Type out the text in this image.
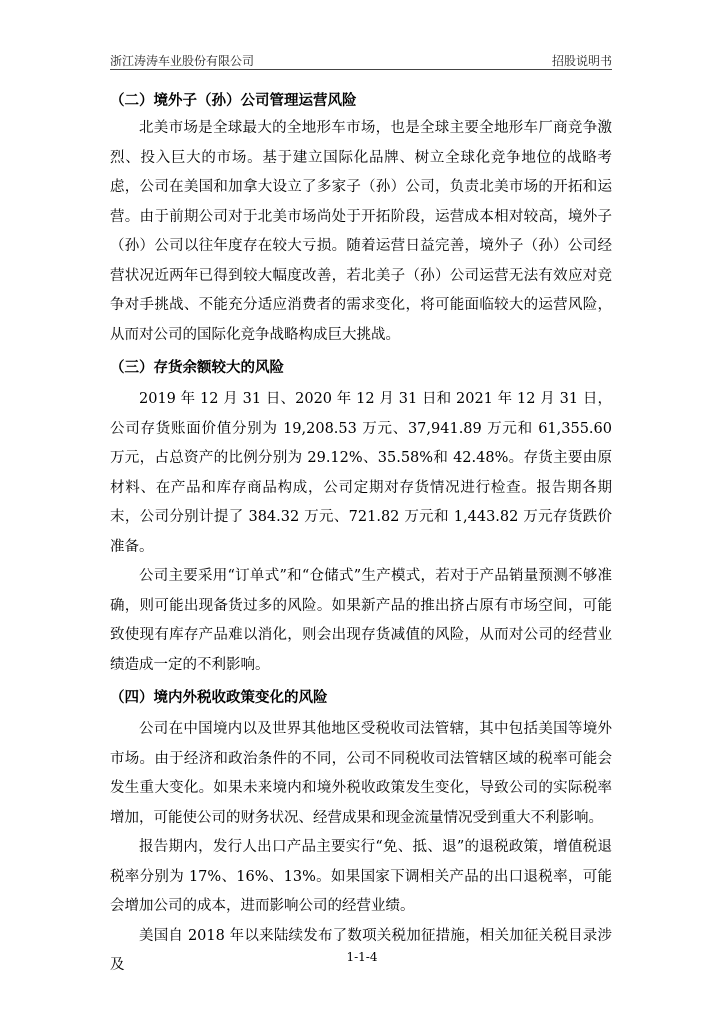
浙江涛涛车业股份有限公司	招股说明书
（二）境外子（孙）公司管理运营风险

北美市场是全球最大的全地形车市场，也是全球主要全地形车厂商竞争激烈、投入巨大的市场。基于建立国际化品牌、树立全球化竞争地位的战略考虑，公司在美国和加拿大设立了多家子（孙）公司，负责北美市场的开拓和运营。由于前期公司对于北美市场尚处于开拓阶段，运营成本相对较高，境外子（孙）公司以往年度存在较大亏损。随着运营日益完善，境外子（孙）公司经营状况近两年已得到较大幅度改善，若北美子（孙）公司运营无法有效应对竞争对手挑战、不能充分适应消费者的需求变化，将可能面临较大的运营风险，从而对公司的国际化竞争战略构成巨大挑战。

（三）存货余额较大的风险

2019 年 12 月 31 日、2020 年 12 月 31 日和 2021 年 12 月 31 日，公司存货账面价值分别为 19,208.53 万元、37,941.89 万元和 61,355.60 万元，占总资产的比例分别为 29.12%、35.58%和 42.48%。存货主要由原材料、在产品和库存商品构成，公司定期对存货情况进行检查。报告期各期末，公司分别计提了 384.32 万元、721.82 万元和 1,443.82 万元存货跌价准备。

公司主要采用“订单式”和“仓储式”生产模式，若对于产品销量预测不够准确，则可能出现备货过多的风险。如果新产品的推出挤占原有市场空间，可能致使现有库存产品难以消化，则会出现存货减值的风险，从而对公司的经营业绩造成一定的不利影响。

（四）境内外税收政策变化的风险

公司在中国境内以及世界其他地区受税收司法管辖，其中包括美国等境外市场。由于经济和政治条件的不同，公司不同税收司法管辖区域的税率可能会发生重大变化。如果未来境内和境外税收政策发生变化，导致公司的实际税率增加，可能使公司的财务状况、经营成果和现金流量情况受到重大不利影响。

报告期内，发行人出口产品主要实行“免、抵、退”的退税政策，增值税退税率分别为 17%、16%、13%。如果国家下调相关产品的出口退税率，可能会增加公司的成本，进而影响公司的经营业绩。

美国自 2018 年以来陆续发布了数项关税加征措施，相关加征关税目录涉及	1-1-4
